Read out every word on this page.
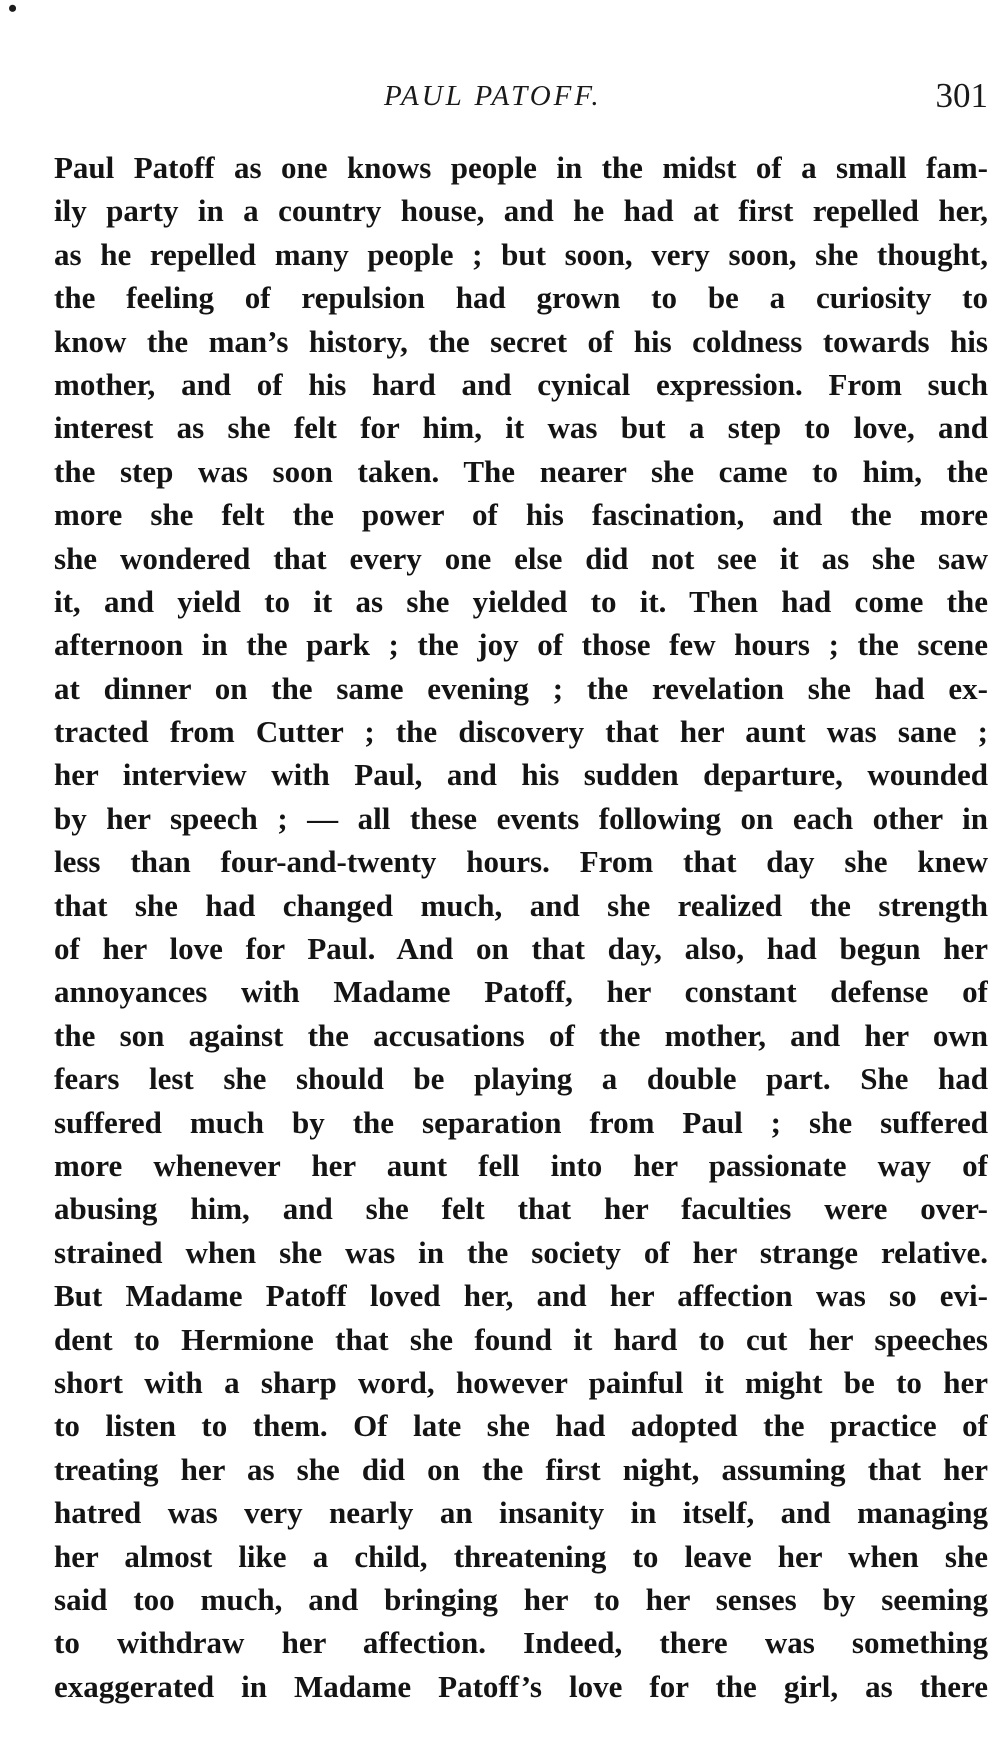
•
PAUL PATOFF.	301
Paul Patoff as one knows people in the midst of a small fam-
ily party in a country house, and he had at first repelled her,
as he repelled many people ; but soon, very soon, she thought,
the feeling of repulsion had grown to be a curiosity to
know the man’s history, the secret of his coldness towards his
mother, and of his hard and cynical expression. From such
interest as she felt for him, it was but a step to love, and
the step was soon taken. The nearer she came to him, the
more she felt the power of his fascination, and the more
she wondered that every one else did not see it as she saw
it, and yield to it as she yielded to it. Then had come the
afternoon in the park ; the joy of those few hours ; the scene
at dinner on the same evening ; the revelation she had ex-
tracted from Cutter ; the discovery that her aunt was sane ;
her interview with Paul, and his sudden departure, wounded
by her speech ; — all these events following on each other in
less than four-and-twenty hours. From that day she knew
that she had changed much, and she realized the strength
of her love for Paul. And on that day, also, had begun her
annoyances with Madame Patoff, her constant defense of
the son against the accusations of the mother, and her own
fears lest she should be playing a double part. She had
suffered much by the separation from Paul ; she suffered
more whenever her aunt fell into her passionate way of
abusing him, and she felt that her faculties were over-
strained when she was in the society of her strange relative.
But Madame Patoff loved her, and her affection was so evi-
dent to Hermione that she found it hard to cut her speeches
short with a sharp word, however painful it might be to her
to listen to them. Of late she had adopted the practice of
treating her as she did on the first night, assuming that her
hatred was very nearly an insanity in itself, and managing
her almost like a child, threatening to leave her when she
said too much, and bringing her to her senses by seeming
to withdraw her affection. Indeed, there was something
exaggerated in Madame Patoff’s love for the girl, as there
